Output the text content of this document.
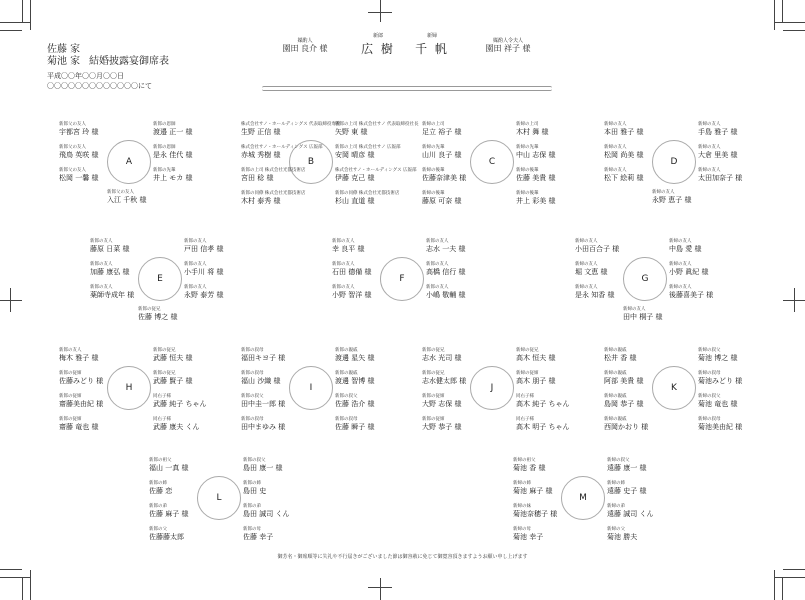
佐藤 家
菊池 家 結婚披露宴御席表
平成〇〇年〇〇月〇〇日
〇〇〇〇〇〇〇〇〇〇〇〇〇にて
媒酌人
園田 良介 様
新郎
広 樹
新婦
千 帆
媒酌人令夫人
園田 祥子 様
A
新郎父の友人
宇都宮 玲 様
新郎の恩師
渡邉 正一 様
新郎父の友人
飛鳥 英咲 様
新郎の恩師
是永 佳代 様
新郎父の友人
松岡 一馨 様
新郎の先輩
井上 モカ 様
新郎父の友人
入江 千秋 様
B
株式会社サノ・ホールディングス 代表取締役専務
生野 正信 様
新郎の上司 株式会社サノ 代表取締役社長
矢野 東 様
株式会社サノ・ホールディングス 広報部
赤城 秀樹 様
新郎の上司 株式会社サノ 広報部
安岡 晴彦 様
新郎の上司 株式会社光都技術店
宮田 稔 様
株式会社サノ・ホールディングス 広報部
伊藤 克己 様
新郎の同僚 株式会社光都技術店
木村 泰秀 様
新郎の同僚 株式会社光都技術店
杉山 直道 様
C
新婦の上司
足立 裕子 様
新婦の上司
木村 舞 様
新婦の先輩
山川 良子 様
新婦の先輩
中山 志保 様
新婦の後輩
佐藤奈津美 様
新婦の後輩
佐藤 美貴 様
新婦の後輩
藤原 可奈 様
新婦の後輩
井上 彩美 様
D
新婦の友人
本田 雅子 様
新婦の友人
手島 雅子 様
新婦の友人
松岡 尚美 様
新婦の友人
大倉 里美 様
新婦の友人
松下 絵莉 様
新婦の友人
太田加奈子 様
新婦の友人
永野 恵子 様
E
新郎の友人
藤原 日菜 様
新郎の友人
戸田 信孝 様
新郎の友人
加藤 康弘 様
新郎の友人
小手川 将 様
新郎の友人
薬師寺成年 様
新郎の友人
永野 泰芳 様
新郎の従兄
佐藤 博之 様
F
新郎の友人
幸 良平 様
新郎の友人
志水 一夫 様
新郎の友人
石田 德備 様
新郎の友人
高橋 信行 様
新郎の友人
小野 智洋 様
新郎の友人
小嶋 敬輔 様
G
新婦の友人
小田百合子 様
新婦の友人
中島 愛 様
新婦の友人
堀 文恵 様
新婦の友人
小野 眞紀 様
新婦の友人
是永 知香 様
新婦の友人
後藤喜美子 様
新婦の友人
田中 桐子 様
H
新郎の友人
梅木 雅子 様
新郎の従兄
武藤 恒夫 様
新郎の従姉
佐藤みどり 様
新郎の従兄
武藤 賢子 様
新郎の従姉
齋藤美由紀 様
同右子様
武藤 純子 ちゃん
新郎の従姉
齋藤 竜也 様
同右子様
武藤 康夫 くん
I
新郎の叔母
福田キヨ子 様
新郎の親戚
渡邊 星矢 様
新郎の叔母
福山 沙織 様
新郎の親戚
渡邊 智博 様
新郎の叔父
田中圭一郎 様
新郎の叔父
佐藤 浩介 様
新郎の叔母
田中まゆみ 様
新郎の叔母
佐藤 瞬子 様
J
新郎の従兄
志水 光司 様
新婦の従兄
高木 恒夫 様
新郎の従兄
志水健太郎 様
新婦の従姉
高木 朋子 様
新郎の従姉
大野 志保 様
同右子様
高木 純子 ちゃん
新郎の従姉
大野 恭子 様
同右子様
高木 明子 ちゃん
K
新婦の親戚
松井 香 様
新婦の叔父
菊池 博之 様
新婦の親戚
阿部 美貴 様
新婦の叔母
菊池みどり 様
新婦の親戚
島岡 恭子 様
新婦の叔父
菊池 竜也 様
新婦の親戚
西岡かおり 様
新婦の叔母
菊池美由紀 様
L
新郎の祖父
福山 一真 様
新郎の叔父
島田 康一 様
新郎の姉
佐藤 恋
新郎の姉
島田 史
新郎の弟
佐藤 麻子 様
新郎の弟
島田 誠司 くん
新郎の父
佐藤藤太郎
新郎の母
佐藤 幸子
M
新婦の祖父
菊池 香 様
新婦の叔父
遠藤 康一 様
新婦の姉
菊池 麻子 様
新婦の姉
遠藤 史子 様
新婦の妹
菊池奈穂子 様
新婦の弟
遠藤 誠司 くん
新婦の母
菊池 幸子
新婦の父
菊池 勝夫
御芳名・御席順等に失礼や不行届きがございました節は御容赦に免じて御寛容頂きますようお願い申し上げます
